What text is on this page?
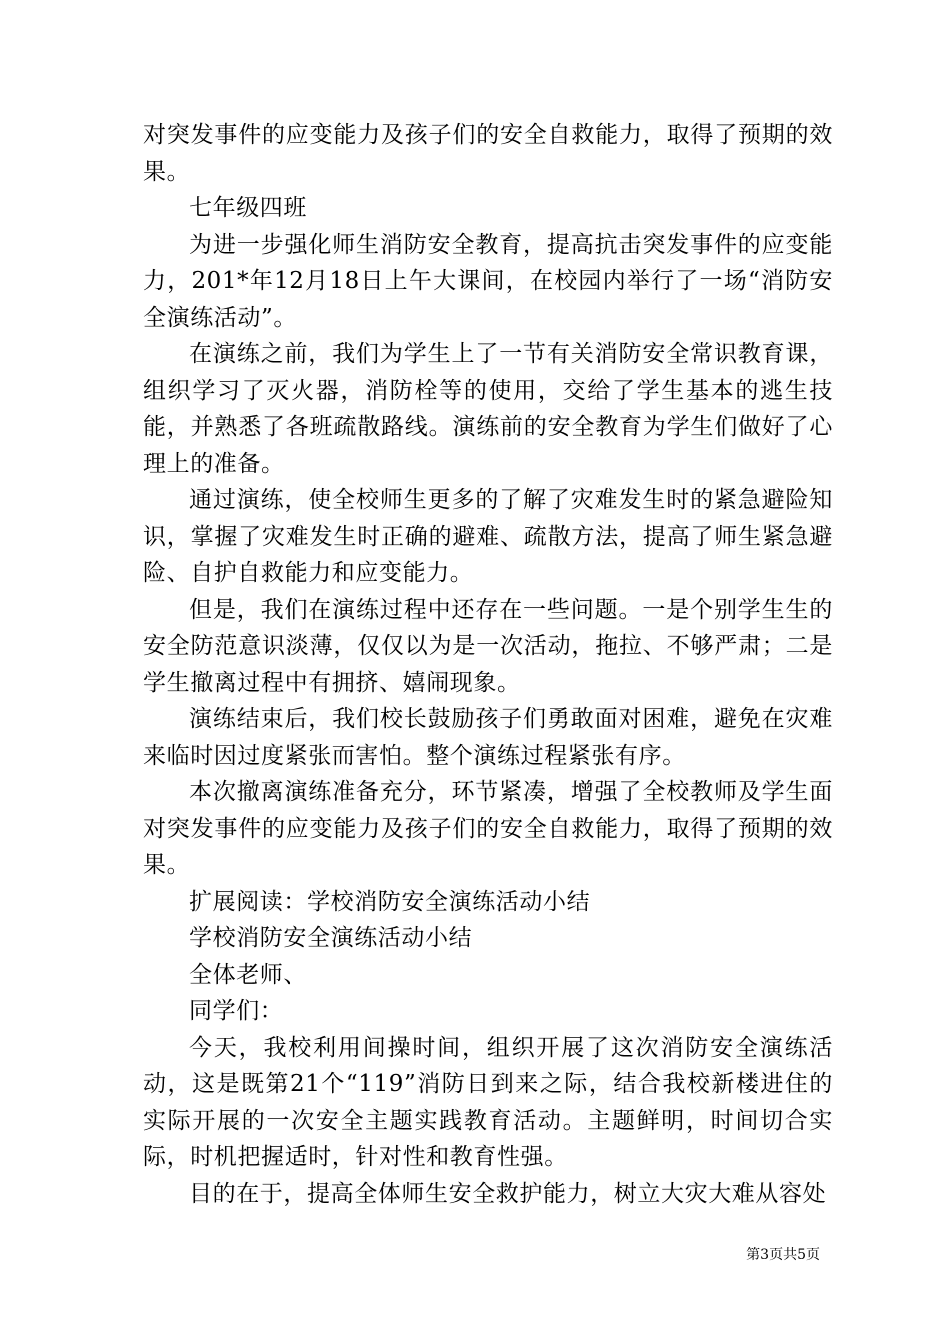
对突发事件的应变能力及孩子们的安全自救能力，取得了预期的效果。

七年级四班

为进一步强化师生消防安全教育，提高抗击突发事件的应变能力，201*年12月18日上午大课间，在校园内举行了一场“消防安全演练活动”。

在演练之前，我们为学生上了一节有关消防安全常识教育课，组织学习了灭火器，消防栓等的使用，交给了学生基本的逃生技能，并熟悉了各班疏散路线。演练前的安全教育为学生们做好了心理上的准备。

通过演练，使全校师生更多的了解了灾难发生时的紧急避险知识，掌握了灾难发生时正确的避难、疏散方法，提高了师生紧急避险、自护自救能力和应变能力。

但是，我们在演练过程中还存在一些问题。一是个别学生生的安全防范意识淡薄，仅仅以为是一次活动，拖拉、不够严肃；二是学生撤离过程中有拥挤、嬉闹现象。

演练结束后，我们校长鼓励孩子们勇敢面对困难，避免在灾难来临时因过度紧张而害怕。整个演练过程紧张有序。

本次撤离演练准备充分，环节紧凑，增强了全校教师及学生面对突发事件的应变能力及孩子们的安全自救能力，取得了预期的效果。

扩展阅读：学校消防安全演练活动小结

学校消防安全演练活动小结

全体老师、

同学们：

今天，我校利用间操时间，组织开展了这次消防安全演练活动，这是既第21个“119”消防日到来之际，结合我校新楼进住的实际开展的一次安全主题实践教育活动。主题鲜明，时间切合实际，时机把握适时，针对性和教育性强。

目的在于，提高全体师生安全救护能力，树立大灾大难从容处

第3页共5页
